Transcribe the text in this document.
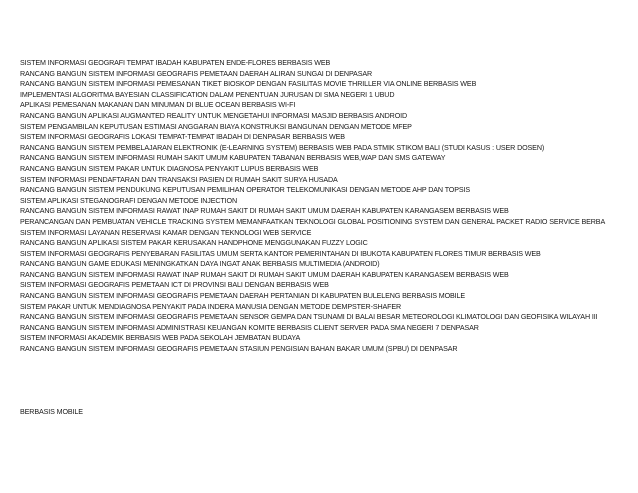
SISTEM INFORMASI GEOGRAFI TEMPAT IBADAH KABUPATEN ENDE-FLORES BERBASIS WEB
RANCANG BANGUN SISTEM INFORMASI GEOGRAFIS PEMETAAN DAERAH ALIRAN SUNGAI DI DENPASAR
RANCANG BANGUN SISTEM INFORMASI PEMESANAN TIKET BIOSKOP DENGAN FASILITAS MOVIE THRILLER VIA ONLINE BERBASIS WEB
IMPLEMENTASI ALGORITMA BAYESIAN CLASSIFICATION DALAM PENENTUAN JURUSAN DI SMA NEGERI 1 UBUD
APLIKASI PEMESANAN MAKANAN DAN MINUMAN DI BLUE OCEAN BERBASIS WI-FI
RANCANG BANGUN APLIKASI AUGMANTED REALITY UNTUK MENGETAHUI INFORMASI MASJID BERBASIS ANDROID
SISTEM PENGAMBILAN KEPUTUSAN ESTIMASI ANGGARAN BIAYA KONSTRUKSI BANGUNAN DENGAN METODE MFEP
SISTEM INFORMASI GEOGRAFIS LOKASI TEMPAT-TEMPAT IBADAH DI DENPASAR BERBASIS WEB
RANCANG BANGUN SISTEM PEMBELAJARAN ELEKTRONIK (E-LEARNING SYSTEM) BERBASIS WEB PADA STMIK STIKOM BALI (STUDI KASUS : USER DOSEN)
RANCANG BANGUN SISTEM INFORMASI RUMAH SAKIT UMUM KABUPATEN TABANAN BERBASIS WEB,WAP DAN SMS GATEWAY
RANCANG BANGUN SISTEM PAKAR UNTUK DIAGNOSA PENYAKIT LUPUS BERBASIS WEB
SISTEM INFORMASI PENDAFTARAN DAN TRANSAKSI PASIEN DI RUMAH SAKIT SURYA HUSADA
RANCANG BANGUN SISTEM PENDUKUNG KEPUTUSAN PEMILIHAN OPERATOR TELEKOMUNIKASI DENGAN METODE AHP DAN TOPSIS
SISTEM APLIKASI STEGANOGRAFI DENGAN METODE INJECTION
RANCANG BANGUN SISTEM INFORMASI RAWAT INAP RUMAH SAKIT DI RUMAH SAKIT UMUM DAERAH KABUPATEN KARANGASEM BERBASIS WEB
PERANCANGAN DAN PEMBUATAN VEHICLE TRACKING SYSTEM MEMANFAATKAN TEKNOLOGI GLOBAL POSITIONING SYSTEM DAN GENERAL PACKET RADIO SERVICE BERBA
SISTEM INFORMASI LAYANAN RESERVASI KAMAR DENGAN TEKNOLOGI WEB SERVICE
RANCANG BANGUN APLIKASI SISTEM PAKAR KERUSAKAN HANDPHONE MENGGUNAKAN FUZZY LOGIC
SISTEM INFORMASI GEOGRAFIS PENYEBARAN FASILITAS UMUM SERTA KANTOR PEMERINTAHAN DI IBUKOTA KABUPATEN FLORES TIMUR BERBASIS WEB
RANCANG BANGUN GAME EDUKASI MENINGKATKAN DAYA INGAT ANAK BERBASIS MULTIMEDIA (ANDROID)
RANCANG BANGUN SISTEM INFORMASI RAWAT INAP RUMAH SAKIT DI RUMAH SAKIT UMUM DAERAH KABUPATEN KARANGASEM BERBASIS WEB
SISTEM INFORMASI GEOGRAFIS PEMETAAN ICT DI PROVINSI BALI DENGAN BERBASIS WEB
RANCANG BANGUN SISTEM INFORMASI GEOGRAFIS PEMETAAN DAERAH PERTANIAN DI KABUPATEN BULELENG BERBASIS MOBILE
SISTEM PAKAR UNTUK MENDIAGNOSA PENYAKIT PADA INDERA MANUSIA DENGAN METODE DEMPSTER-SHAFER
RANCANG BANGUN SISTEM INFORMASI GEOGRAFIS PEMETAAN SENSOR GEMPA DAN TSUNAMI DI BALAI BESAR METEOROLOGI KLIMATOLOGI DAN GEOFISIKA WILAYAH III
RANCANG BANGUN SISTEM INFORMASI ADMINISTRASI KEUANGAN KOMITE BERBASIS CLIENT SERVER PADA SMA NEGERI 7 DENPASAR
SISTEM INFORMASI AKADEMIK BERBASIS WEB PADA SEKOLAH JEMBATAN BUDAYA
RANCANG BANGUN SISTEM INFORMASI GEOGRAFIS PEMETAAN STASIUN PENGISIAN BAHAN BAKAR UMUM (SPBU) DI DENPASAR
BERBASIS MOBILE
